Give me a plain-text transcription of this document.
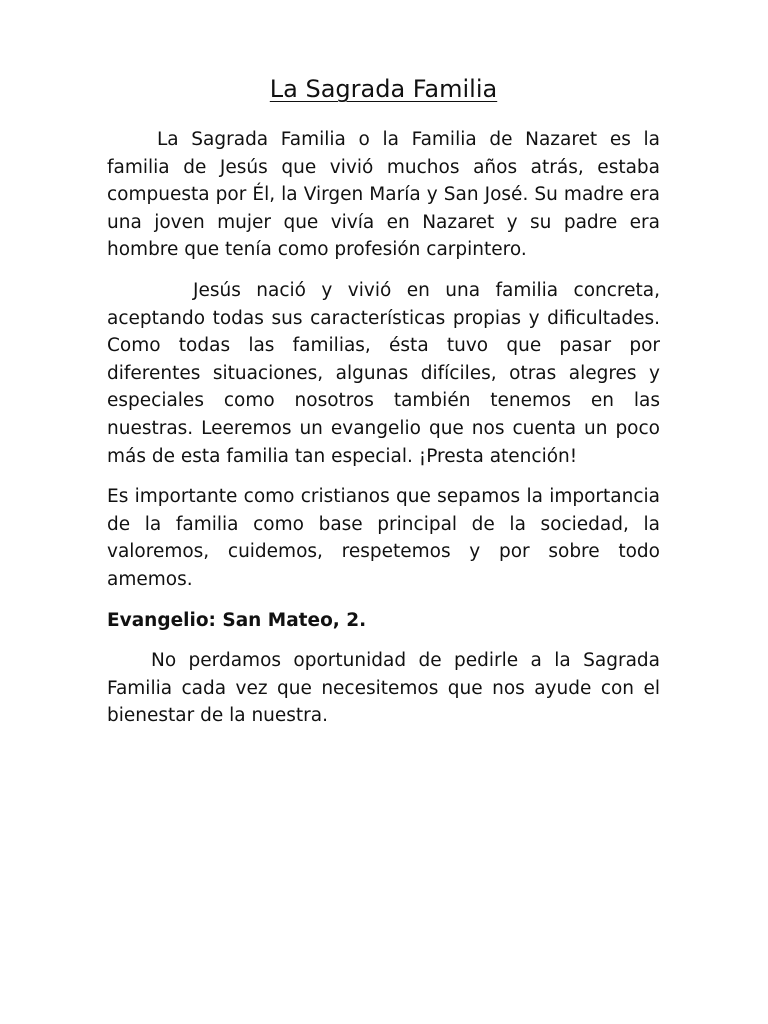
La Sagrada Familia

La Sagrada Familia o la Familia de Nazaret es la familia de Jesús que vivió muchos años atrás, estaba compuesta por Él, la Virgen María y San José. Su madre era una joven mujer que vivía en Nazaret y su padre era hombre que tenía como profesión carpintero.

Jesús nació y vivió en una familia concreta, aceptando todas sus características propias y dificultades. Como todas las familias, ésta tuvo que pasar por diferentes situaciones, algunas difíciles, otras alegres y especiales como nosotros también tenemos en las nuestras. Leeremos un evangelio que nos cuenta un poco más de esta familia tan especial. ¡Presta atención!

Es importante como cristianos que sepamos la importancia de la familia como base principal de la sociedad, la valoremos, cuidemos, respetemos y por sobre todo amemos.

Evangelio: San Mateo, 2.

No perdamos oportunidad de pedirle a la Sagrada Familia cada vez que necesitemos que nos ayude con el bienestar de la nuestra.
